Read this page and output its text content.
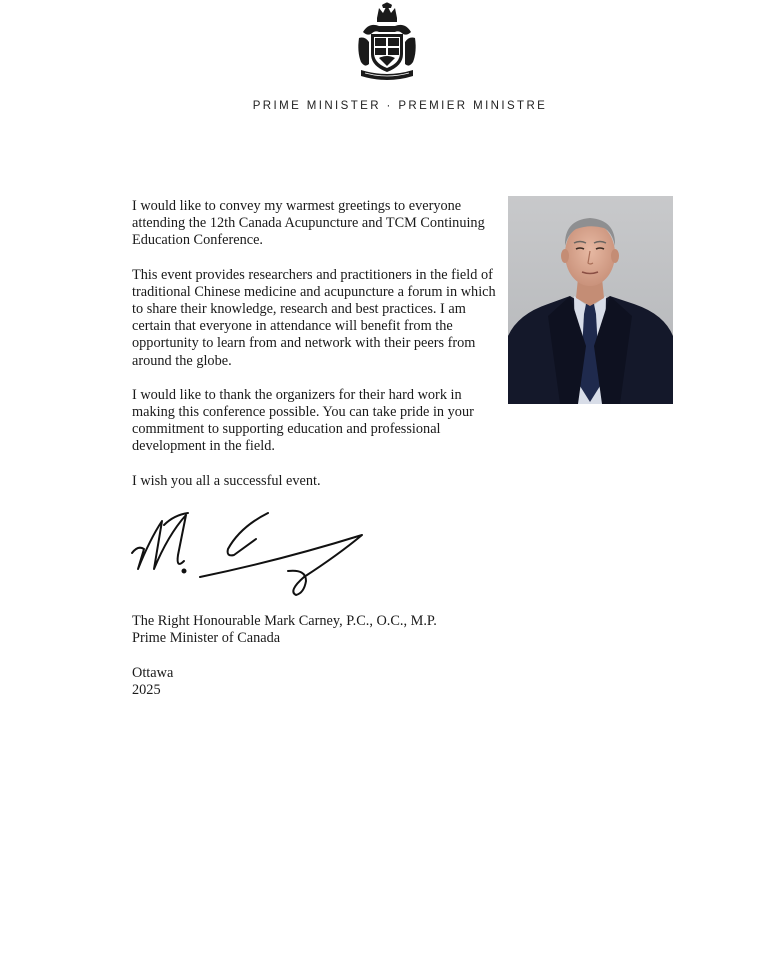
PRIME MINISTER · PREMIER MINISTRE

I would like to convey my warmest greetings to everyone attending the 12th Canada Acupuncture and TCM Continuing Education Conference.

This event provides researchers and practitioners in the field of traditional Chinese medicine and acupuncture a forum in which to share their knowledge, research and best practices. I am certain that everyone in attendance will benefit from the opportunity to learn from and network with their peers from around the globe.

I would like to thank the organizers for their hard work in making this conference possible. You can take pride in your commitment to supporting education and professional development in the field.

I wish you all a successful event.

The Right Honourable Mark Carney, P.C., O.C., M.P.
Prime Minister of Canada
Ottawa
2025
